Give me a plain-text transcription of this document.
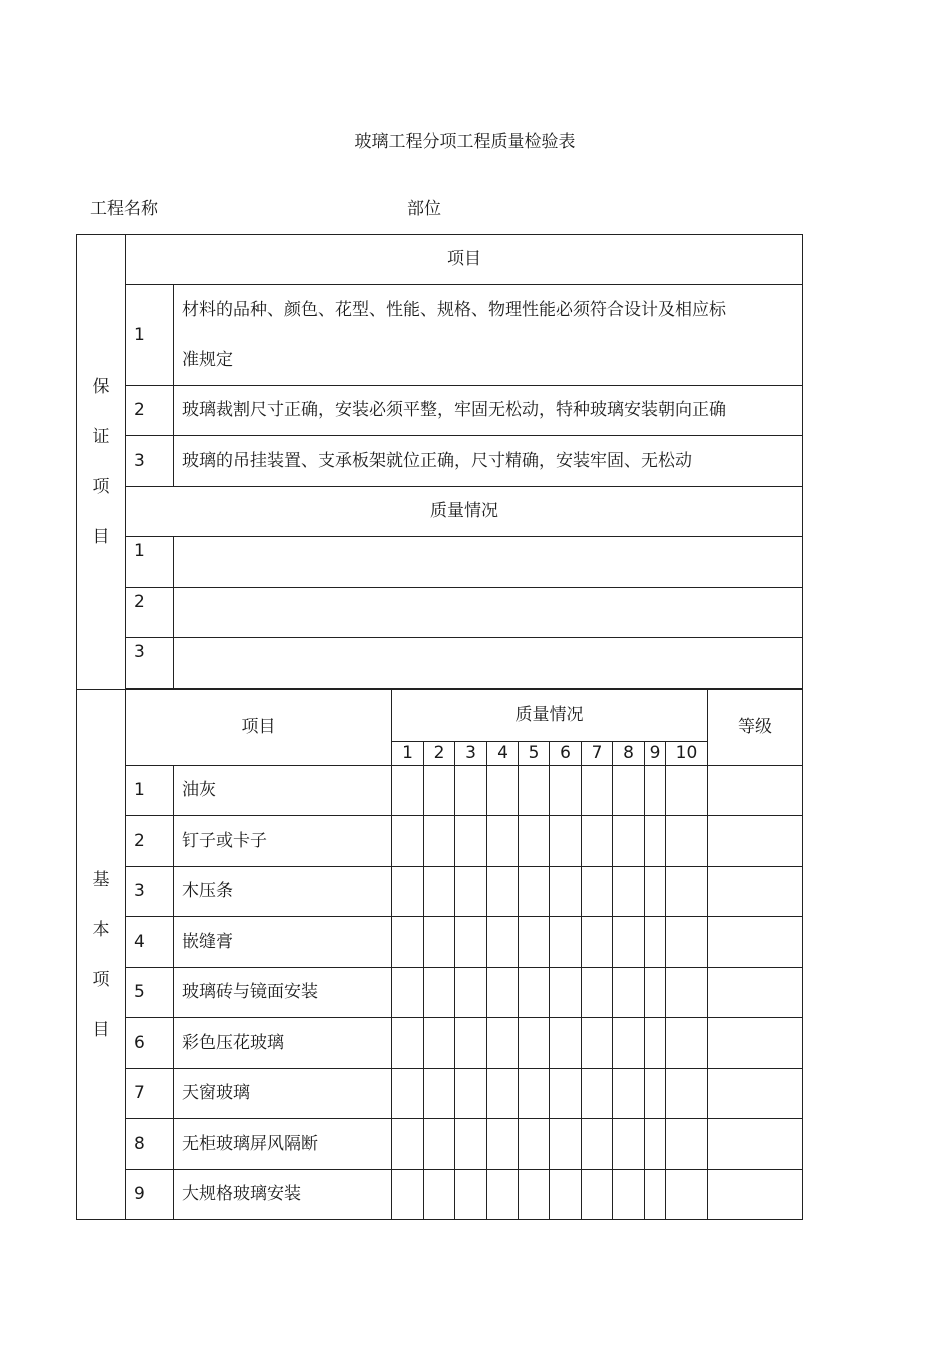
玻璃工程分项工程质量检验表
工程名称	部位
保
证
项
目	项目												
	1	材料的品种、颜色、花型、性能、规格、物理性能必须符合设计及相应标
准规定											

	2	玻璃裁割尺寸正确，安装必须平整，牢固无松动，特种玻璃安装朝向正确											
	3	玻璃的吊挂装置、支承板架就位正确，尺寸精确，安装牢固、无松动											
	质量情况												
	1												
	2												
	3												

基
本
项
目	项目		质量情况										等级
			1	2	3	4	5	6	7	8	9	10	
	1	油灰											
	2	钉子或卡子											
	3	木压条											
	4	嵌缝膏											
	5	玻璃砖与镜面安装											
	6	彩色压花玻璃											
	7	天窗玻璃											
	8	无柜玻璃屏风隔断											
	9	大规格玻璃安装											
